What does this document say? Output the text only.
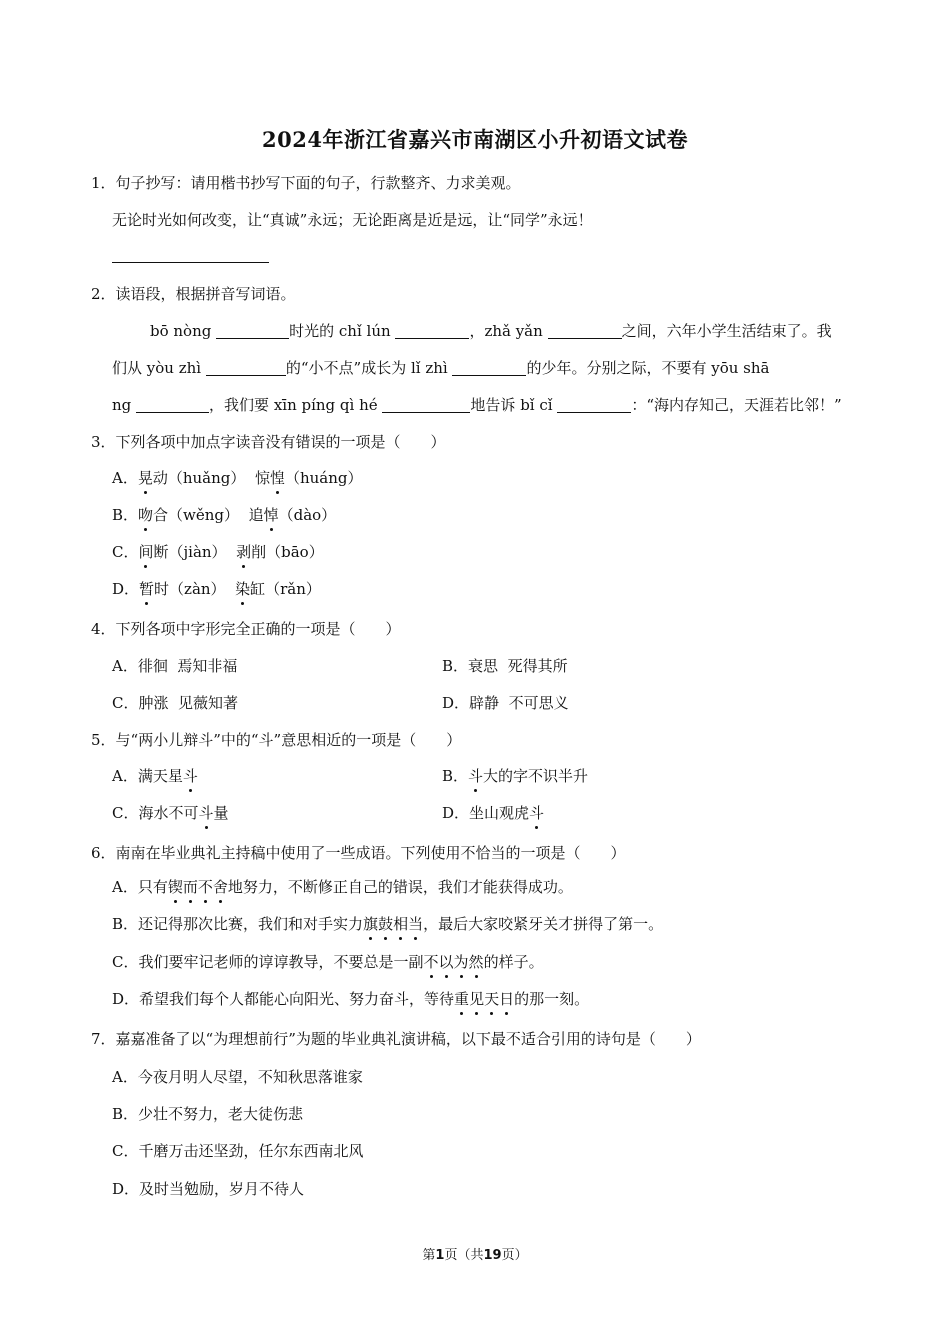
2024年浙江省嘉兴市南湖区小升初语文试卷
1．句子抄写：请用楷书抄写下面的句子，行款整齐、力求美观。
无论时光如何改变，让“真诚”永远；无论距离是近是远，让“同学”永远！
2．读语段，根据拼音写词语。
bō nòng	时光的 chǐ lún	，zhǎ yǎn	之间，六年小学生活结束了。我
们从 yòu zhì	的“小不点”成长为 lǐ zhì	的少年。分别之际，不要有 yōu shā
ng	，我们要 xīn píng qì hé	地告诉 bǐ cǐ	：“海内存知己，天涯若比邻！”
3．下列各项中加点字读音没有错误的一项是（　　）
A．晃动（huǎng） 惊惶（huáng）
B．吻合（wěng） 追悼（dào）
C．间断（jiàn） 剥削（bāo）
D．暂时（zàn） 染缸（rǎn）
4．下列各项中字形完全正确的一项是（　　）
A．徘徊  焉知非福	B．衰思  死得其所
C．肿涨  见薇知著	D．辟静  不可思义
5．与“两小儿辩斗”中的“斗”意思相近的一项是（　　）
A．满天星斗	B．斗大的字不识半升
C．海水不可斗量	D．坐山观虎斗
6．南南在毕业典礼主持稿中使用了一些成语。下列使用不恰当的一项是（　　）
A．只有锲而不舍地努力，不断修正自己的错误，我们才能获得成功。
B．还记得那次比赛，我们和对手实力旗鼓相当，最后大家咬紧牙关才拼得了第一。
C．我们要牢记老师的谆谆教导，不要总是一副不以为然的样子。
D．希望我们每个人都能心向阳光、努力奋斗，等待重见天日的那一刻。
7．嘉嘉准备了以“为理想前行”为题的毕业典礼演讲稿，以下最不适合引用的诗句是（　　）
A．今夜月明人尽望，不知秋思落谁家
B．少壮不努力，老大徒伤悲
C．千磨万击还坚劲，任尔东西南北风
D．及时当勉励，岁月不待人
第1页（共19页）
